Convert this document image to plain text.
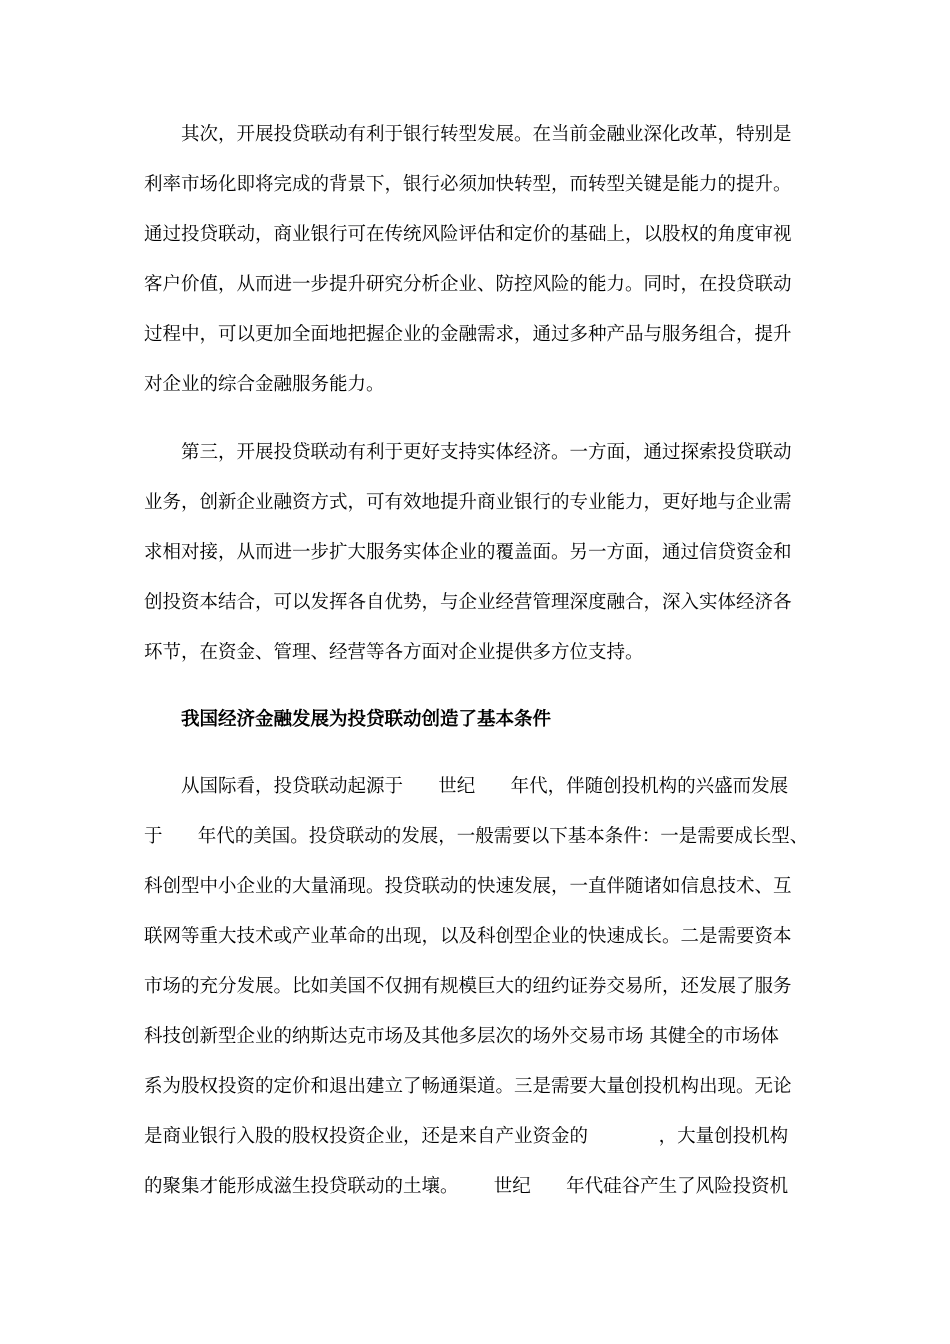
其次，开展投贷联动有利于银行转型发展。在当前金融业深化改革，特别是
利率市场化即将完成的背景下，银行必须加快转型，而转型关键是能力的提升。
通过投贷联动，商业银行可在传统风险评估和定价的基础上，以股权的角度审视
客户价值，从而进一步提升研究分析企业、防控风险的能力。同时，在投贷联动
过程中，可以更加全面地把握企业的金融需求，通过多种产品与服务组合，提升
对企业的综合金融服务能力。
第三，开展投贷联动有利于更好支持实体经济。一方面，通过探索投贷联动
业务，创新企业融资方式，可有效地提升商业银行的专业能力，更好地与企业需
求相对接，从而进一步扩大服务实体企业的覆盖面。另一方面，通过信贷资金和
创投资本结合，可以发挥各自优势，与企业经营管理深度融合，深入实体经济各
环节，在资金、管理、经营等各方面对企业提供多方位支持。
我国经济金融发展为投贷联动创造了基本条件
从国际看，投贷联动起源于      世纪      年代，伴随创投机构的兴盛而发展
于      年代的美国。投贷联动的发展，一般需要以下基本条件：一是需要成长型、
科创型中小企业的大量涌现。投贷联动的快速发展，一直伴随诸如信息技术、互
联网等重大技术或产业革命的出现，以及科创型企业的快速成长。二是需要资本
市场的充分发展。比如美国不仅拥有规模巨大的纽约证券交易所，还发展了服务
科技创新型企业的纳斯达克市场及其他多层次的场外交易市场 其健全的市场体
系为股权投资的定价和退出建立了畅通渠道。三是需要大量创投机构出现。无论
是商业银行入股的股权投资企业，还是来自产业资金的            ，大量创投机构
的聚集才能形成滋生投贷联动的土壤。      世纪      年代硅谷产生了风险投资机
